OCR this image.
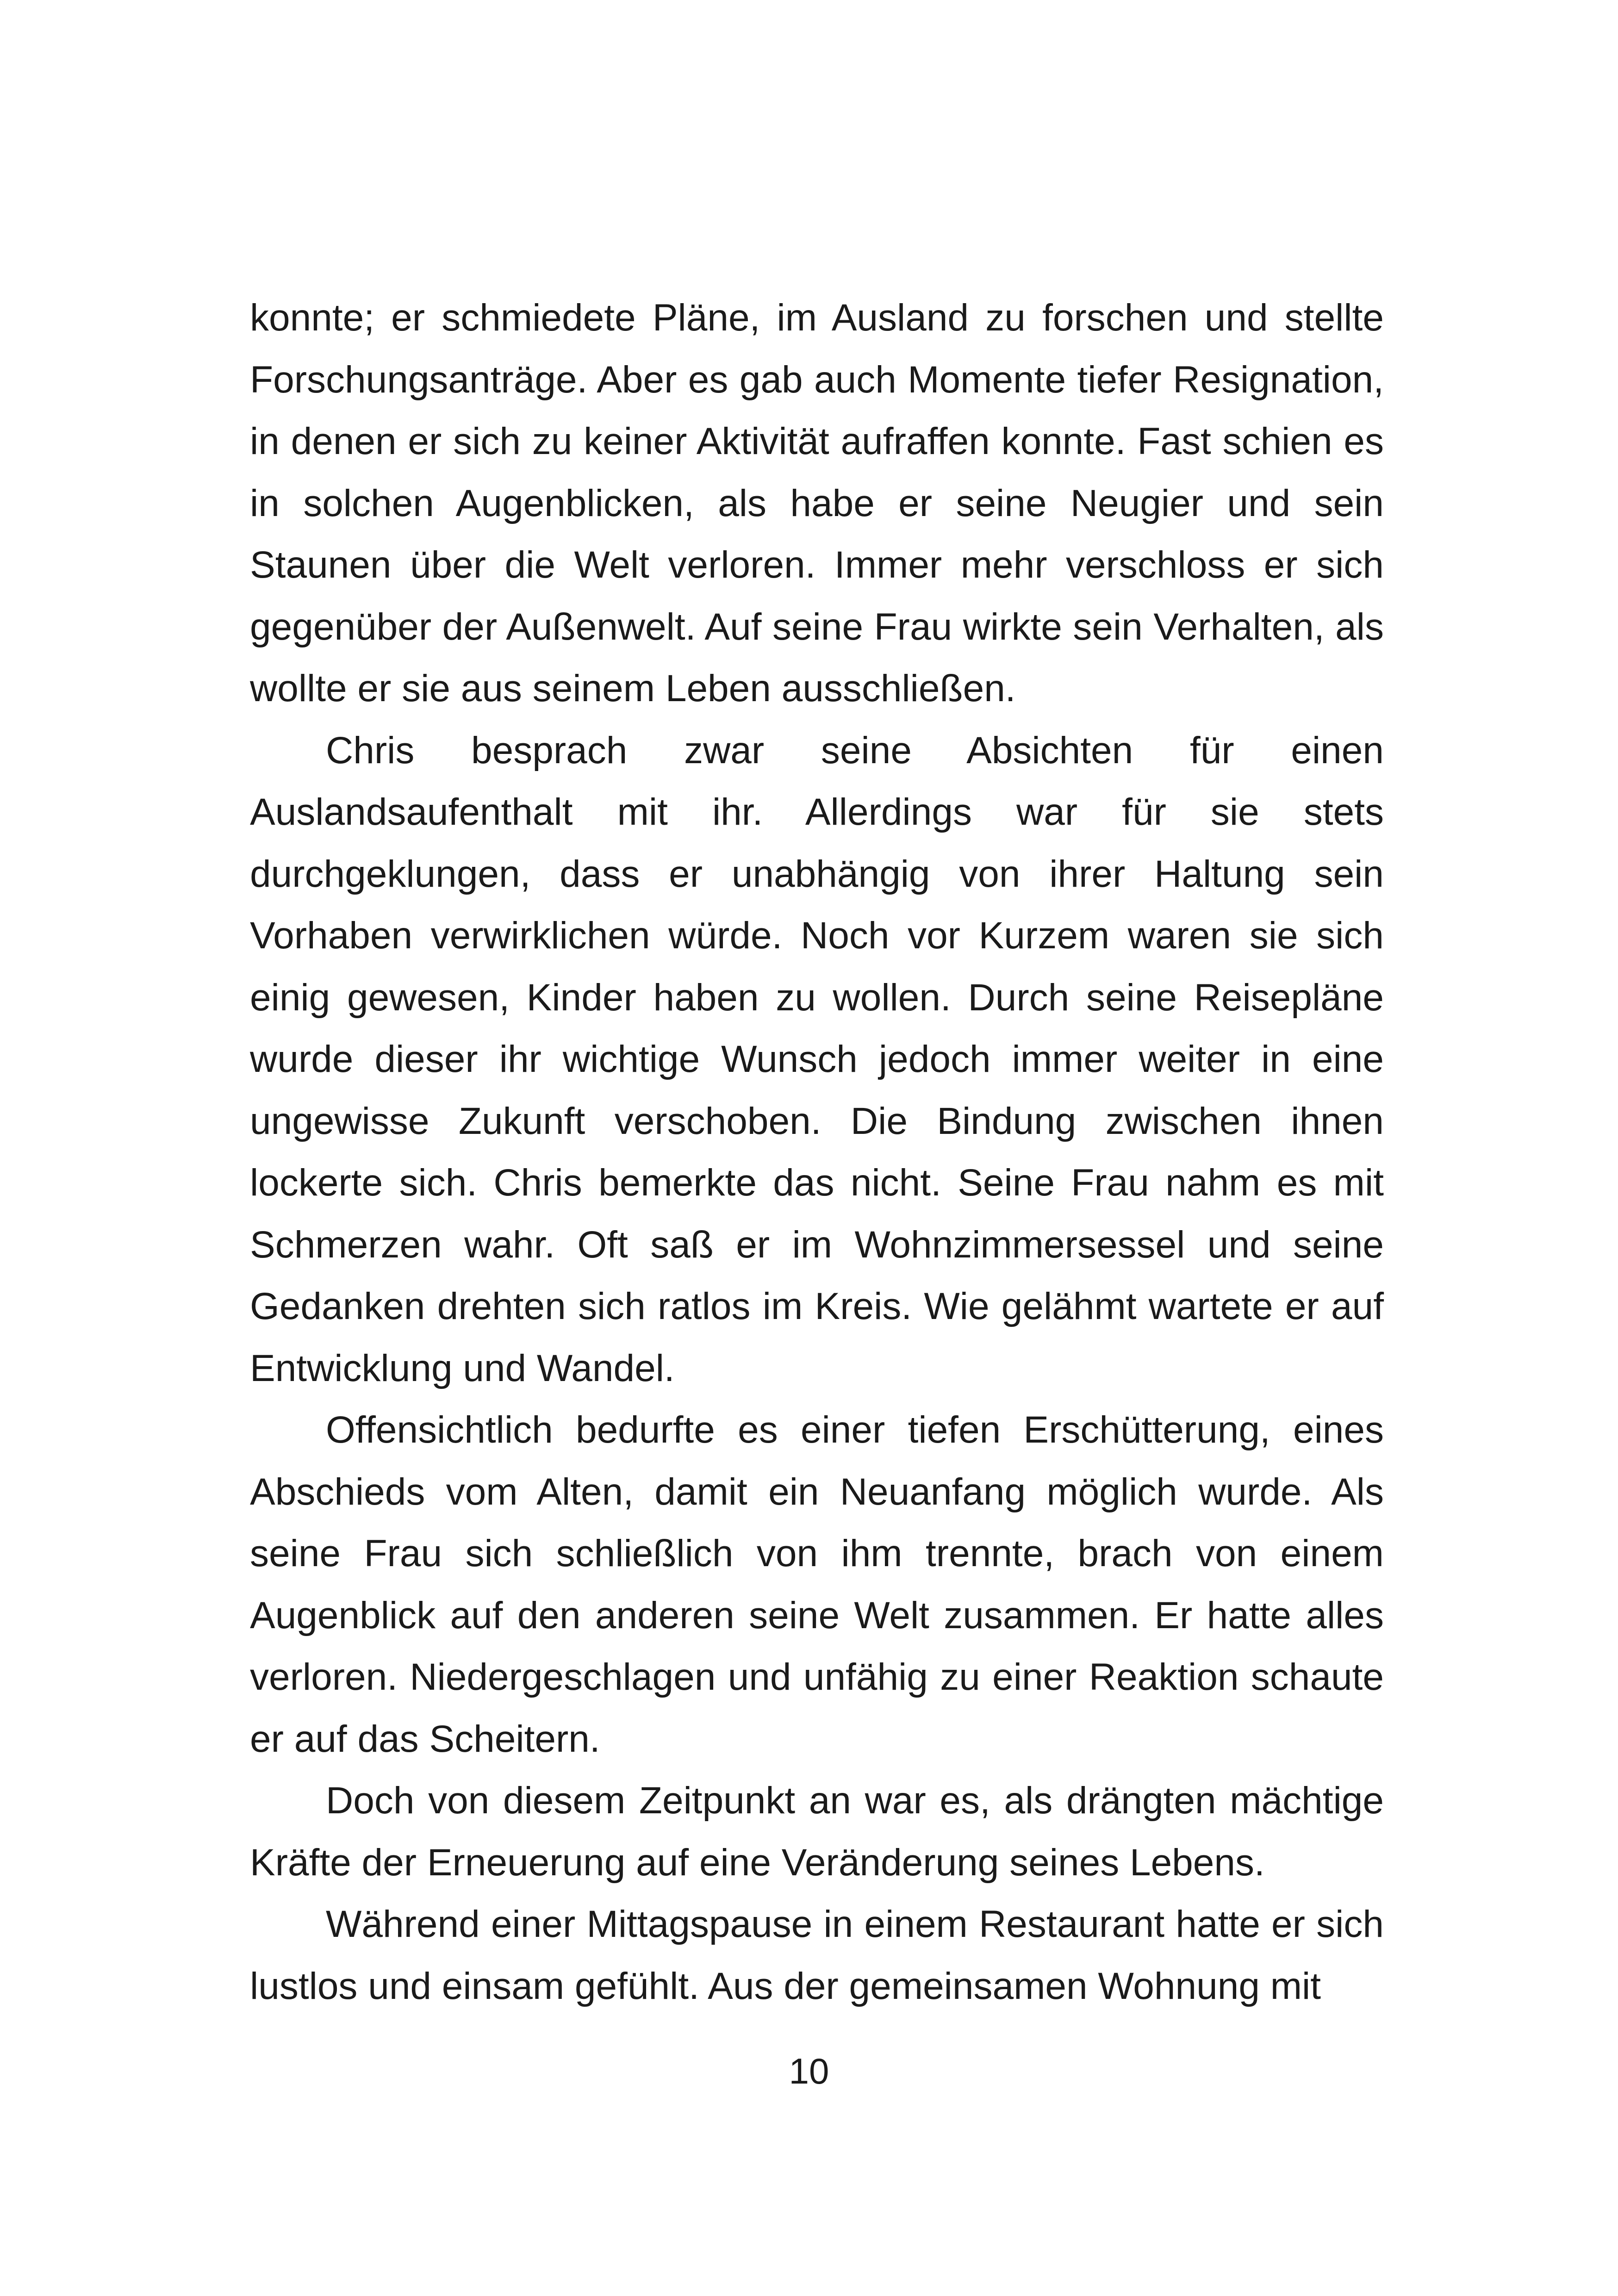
konnte; er schmiedete Pläne, im Ausland zu forschen und stellte Forschungsanträge. Aber es gab auch Momente tiefer Resignation, in denen er sich zu keiner Aktivität aufraffen konnte. Fast schien es in solchen Augenblicken, als habe er seine Neugier und sein Staunen über die Welt verloren. Immer mehr verschloss er sich gegenüber der Außenwelt. Auf seine Frau wirkte sein Verhalten, als wollte er sie aus seinem Leben ausschließen.

Chris besprach zwar seine Absichten für einen Auslandsaufenthalt mit ihr. Allerdings war für sie stets durchgeklungen, dass er unabhängig von ihrer Haltung sein Vorhaben verwirklichen würde. Noch vor Kurzem waren sie sich einig gewesen, Kinder haben zu wollen. Durch seine Reisepläne wurde dieser ihr wichtige Wunsch jedoch immer weiter in eine ungewisse Zukunft verschoben. Die Bindung zwischen ihnen lockerte sich. Chris bemerkte das nicht. Seine Frau nahm es mit Schmerzen wahr. Oft saß er im Wohnzimmersessel und seine Gedanken drehten sich ratlos im Kreis. Wie gelähmt wartete er auf Entwicklung und Wandel.

Offensichtlich bedurfte es einer tiefen Erschütterung, eines Abschieds vom Alten, damit ein Neuanfang möglich wurde. Als seine Frau sich schließlich von ihm trennte, brach von einem Augenblick auf den anderen seine Welt zusammen. Er hatte alles verloren. Niedergeschlagen und unfähig zu einer Reaktion schaute er auf das Scheitern.

Doch von diesem Zeitpunkt an war es, als drängten mächtige Kräfte der Erneuerung auf eine Veränderung seines Lebens.

Während einer Mittagspause in einem Restaurant hatte er sich lustlos und einsam gefühlt. Aus der gemeinsamen Wohnung mit

10
